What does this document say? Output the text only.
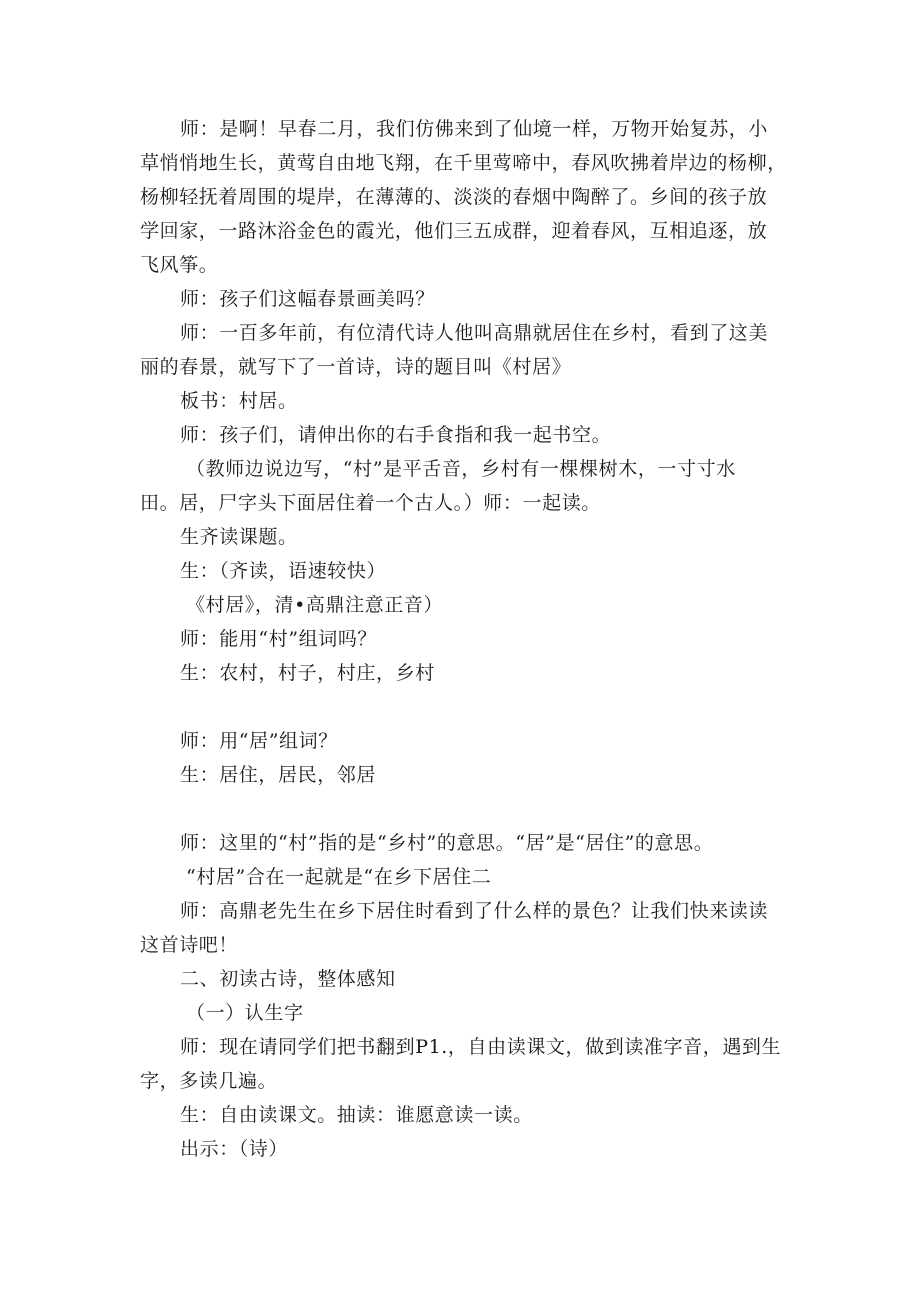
师：是啊！早春二月，我们仿佛来到了仙境一样，万物开始复苏，小
草悄悄地生长，黄莺自由地飞翔，在千里莺啼中，春风吹拂着岸边的杨柳，
杨柳轻抚着周围的堤岸，在薄薄的、淡淡的春烟中陶醉了。乡间的孩子放
学回家，一路沐浴金色的霞光，他们三五成群，迎着春风，互相追逐，放
飞风筝。
师：孩子们这幅春景画美吗？
师：一百多年前，有位清代诗人他叫高鼎就居住在乡村，看到了这美
丽的春景，就写下了一首诗，诗的题目叫《村居》
板书：村居。
师：孩子们，请伸出你的右手食指和我一起书空。
（教师边说边写，“村”是平舌音，乡村有一棵棵树木，一寸寸水
田。居，尸字头下面居住着一个古人。）师：一起读。
生齐读课题。
生：（齐读，语速较快）
《村居》，清•高鼎注意正音）
师：能用“村”组词吗？
生：农村，村子，村庄，乡村
师：用“居”组词？
生：居住，居民，邻居
师：这里的“村”指的是“乡村”的意思。“居”是“居住”的意思。
“村居”合在一起就是“在乡下居住二
师：高鼎老先生在乡下居住时看到了什么样的景色？让我们快来读读
这首诗吧！
二、初读古诗，整体感知
（一）认生字
师：现在请同学们把书翻到P1.，自由读课文，做到读准字音，遇到生
字，多读几遍。
生：自由读课文。抽读：谁愿意读一读。
出示：（诗）
